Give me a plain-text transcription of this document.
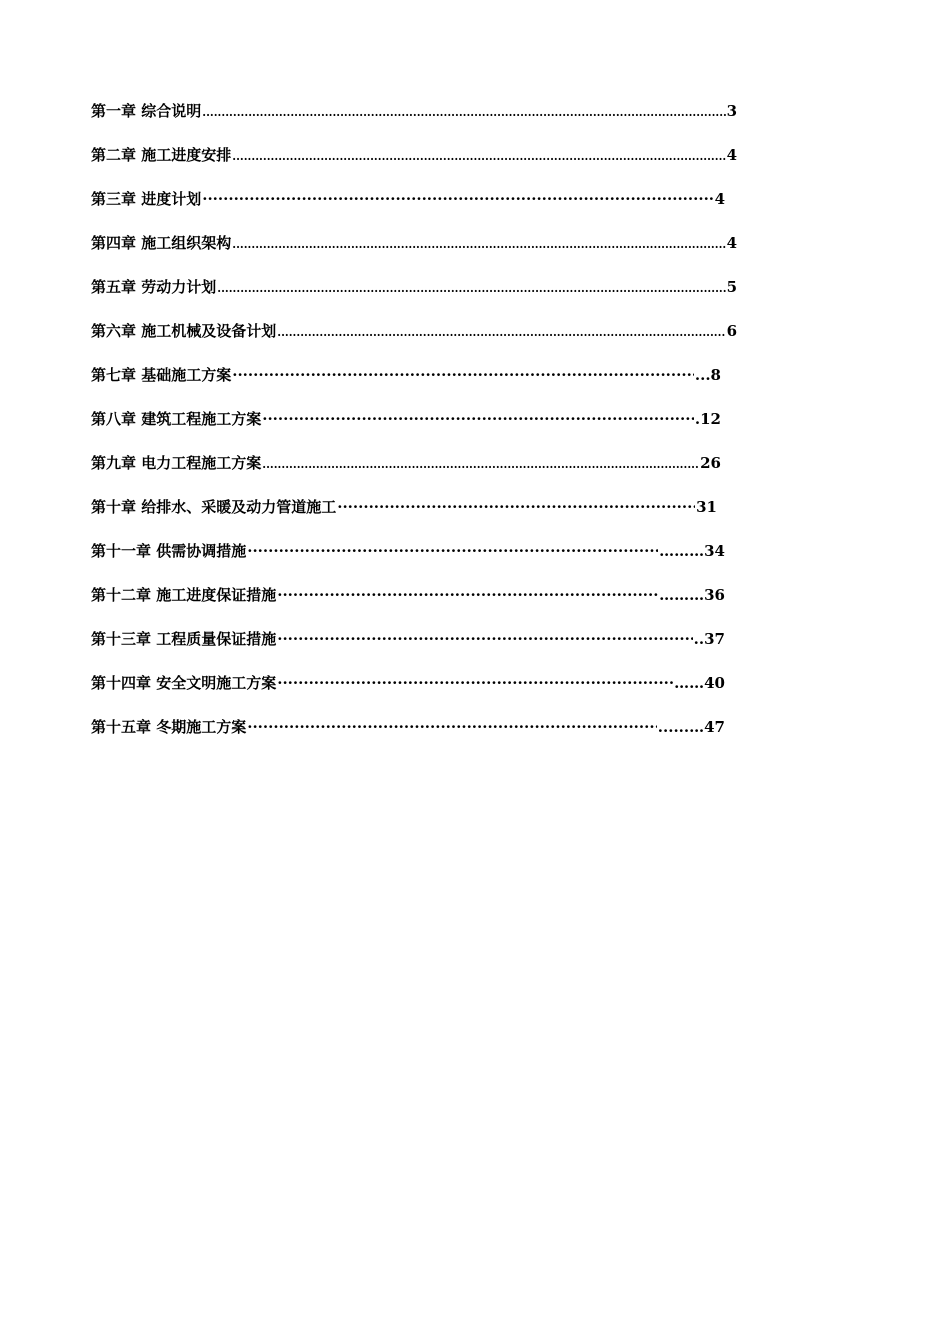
第一章 综合说明 .....	3
第二章 施工进度安排 .....	4
第三章 进度计划 ·····	4
第四章 施工组织架构 .....	4
第五章 劳动力计划 .....	5
第六章 施工机械及设备计划 .....	6
第七章 基础施工方案 ·····	...8
第八章 建筑工程施工方案 ·····	.12
第九章 电力工程施工方案 .....	26
第十章 给排水、采暖及动力管道施工 ·····	31
第十一章 供需协调措施 ·····	………34
第十二章 施工进度保证措施 ·····	………36
第十三章 工程质量保证措施 ·····	..37
第十四章 安全文明施工方案 ·····	……40
第十五章 冬期施工方案 ·····	......…47
